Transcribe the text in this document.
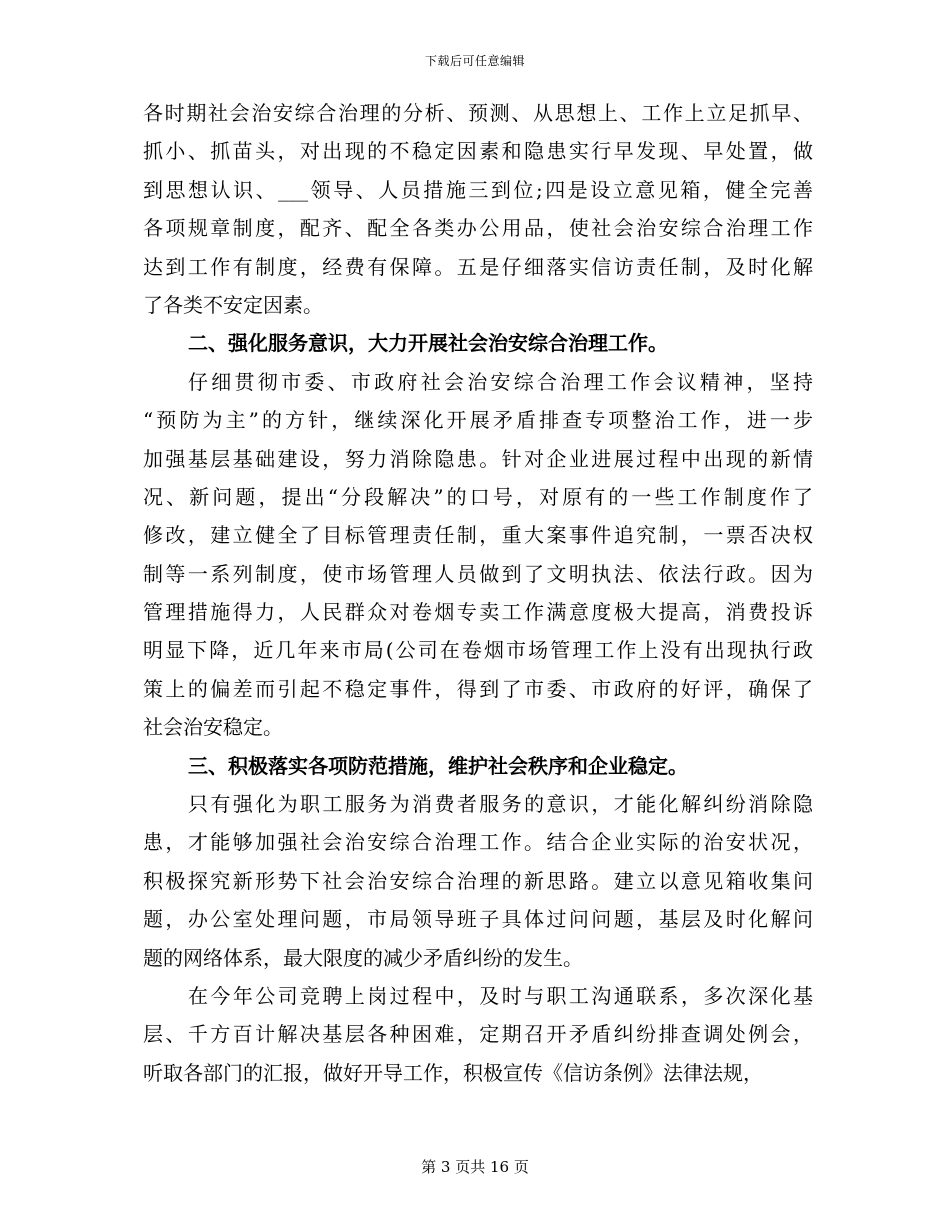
下载后可任意编辑
各时期社会治安综合治理的分析、预测、从思想上、工作上立足抓早、
抓小、抓苗头，对出现的不稳定因素和隐患实行早发现、早处置，做
到思想认识、___领导、人员措施三到位;四是设立意见箱，健全完善
各项规章制度，配齐、配全各类办公用品，使社会治安综合治理工作
达到工作有制度，经费有保障。五是仔细落实信访责任制，及时化解
了各类不安定因素。
二、强化服务意识，大力开展社会治安综合治理工作。
仔细贯彻市委、市政府社会治安综合治理工作会议精神，坚持
“预防为主”的方针，继续深化开展矛盾排查专项整治工作，进一步
加强基层基础建设，努力消除隐患。针对企业进展过程中出现的新情
况、新问题，提出“分段解决”的口号，对原有的一些工作制度作了
修改，建立健全了目标管理责任制，重大案事件追究制，一票否决权
制等一系列制度，使市场管理人员做到了文明执法、依法行政。因为
管理措施得力，人民群众对卷烟专卖工作满意度极大提高，消费投诉
明显下降，近几年来市局(公司在卷烟市场管理工作上没有出现执行政
策上的偏差而引起不稳定事件，得到了市委、市政府的好评，确保了
社会治安稳定。
三、积极落实各项防范措施，维护社会秩序和企业稳定。
只有强化为职工服务为消费者服务的意识，才能化解纠纷消除隐
患，才能够加强社会治安综合治理工作。结合企业实际的治安状况，
积极探究新形势下社会治安综合治理的新思路。建立以意见箱收集问
题，办公室处理问题，市局领导班子具体过问问题，基层及时化解问
题的网络体系，最大限度的减少矛盾纠纷的发生。
在今年公司竞聘上岗过程中，及时与职工沟通联系，多次深化基
层、千方百计解决基层各种困难，定期召开矛盾纠纷排查调处例会，
听取各部门的汇报，做好开导工作，积极宣传《信访条例》法律法规，
第 3 页共 16 页
